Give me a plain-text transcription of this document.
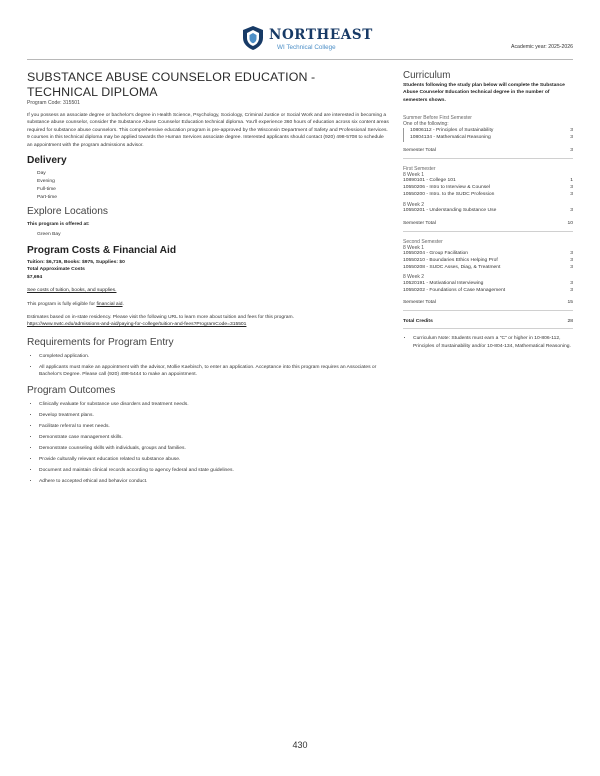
NORTHEAST
WI Technical College	Academic year: 2025-2026
SUBSTANCE ABUSE COUNSELOR EDUCATION -
TECHNICAL DIPLOMA
Program Code: 315501

If you possess an associate degree or bachelor's degree in Health Science, Psychology, Sociology, Criminal Justice or Social Work and are interested in becoming a substance abuse counselor, consider the Substance Abuse Counselor Education technical diploma. You'll experience 360 hours of education across six content areas required for substance abuse counselors. This comprehensive education program is pre-approved by the Wisconsin Department of Safety and Professional Services. 9 courses in this technical diploma may be applied towards the Human Services associate degree. Interested applicants should contact (920) 498-5708 to schedule an appointment with the program admissions advisor.

Delivery
Day
Evening
Full-time
Part-time
Explore Locations

This program is offered at:

Green Bay
Program Costs & Financial Aid

Tuition: $6,719, Books: $975, Supplies: $0

Total Approximate Costs

$7,694

See costs of tuition, books, and supplies.

This program is fully eligible for financial aid.

Estimates based on in-state residency. Please visit the following URL to learn more about tuition and fees for this program.

https://www.nwtc.edu/admissions-and-aid/paying-for-college/tuition-and-fees?ProgramCode=315501

Requirements for Program Entry
• Completed application.
• All applicants must make an appointment with the advisor, Mollie Kaebisch, to enter an application. Acceptance into this program requires an Associates or Bachelor's Degree. Please call (920) 498-5444 to make an appointment.
Program Outcomes
• Clinically evaluate for substance use disorders and treatment needs.
• Develop treatment plans.
• Facilitate referral to meet needs.
• Demonstrate case management skills.
• Demonstrate counseling skills with individuals, groups and families.
• Provide culturally relevant education related to substance abuse.
• Document and maintain clinical records according to agency federal and state guidelines.
• Adhere to accepted ethical and behavior conduct.
Curriculum
Students following the study plan below will complete the Substance Abuse Counselor Education technical degree in the number of semesters shown.
Summer Before First Semester
One of the following:
10806112 - Principles of Sustainability	3
10804134 - Mathematical Reasoning	3
Semester Total	3
First Semester
8 Week 1
10890101 - College 101	1
10550206 - Intro to Interview & Counsel	3
10550200 - Intro. to the SUDC Profession	3
8 Week 2
10550201 - Understanding Substance Use	3
Semester Total	10
Second Semester
8 Week 1
10550204 - Group Facilitation	3
10550210 - Boundaries Ethics Helping Prof	3
10550208 - SUDC Asses, Diag, & Treatment	3
8 Week 2
10520191 - Motivational Interviewing	3
10550202 - Foundations of Case Management	3
Semester Total	15
Total Credits	28
• Curriculum Note: Students must earn a "C" or higher in 10-806-112, Principles of Sustainability and/or 10-804-134, Mathematical Reasoning.
430
